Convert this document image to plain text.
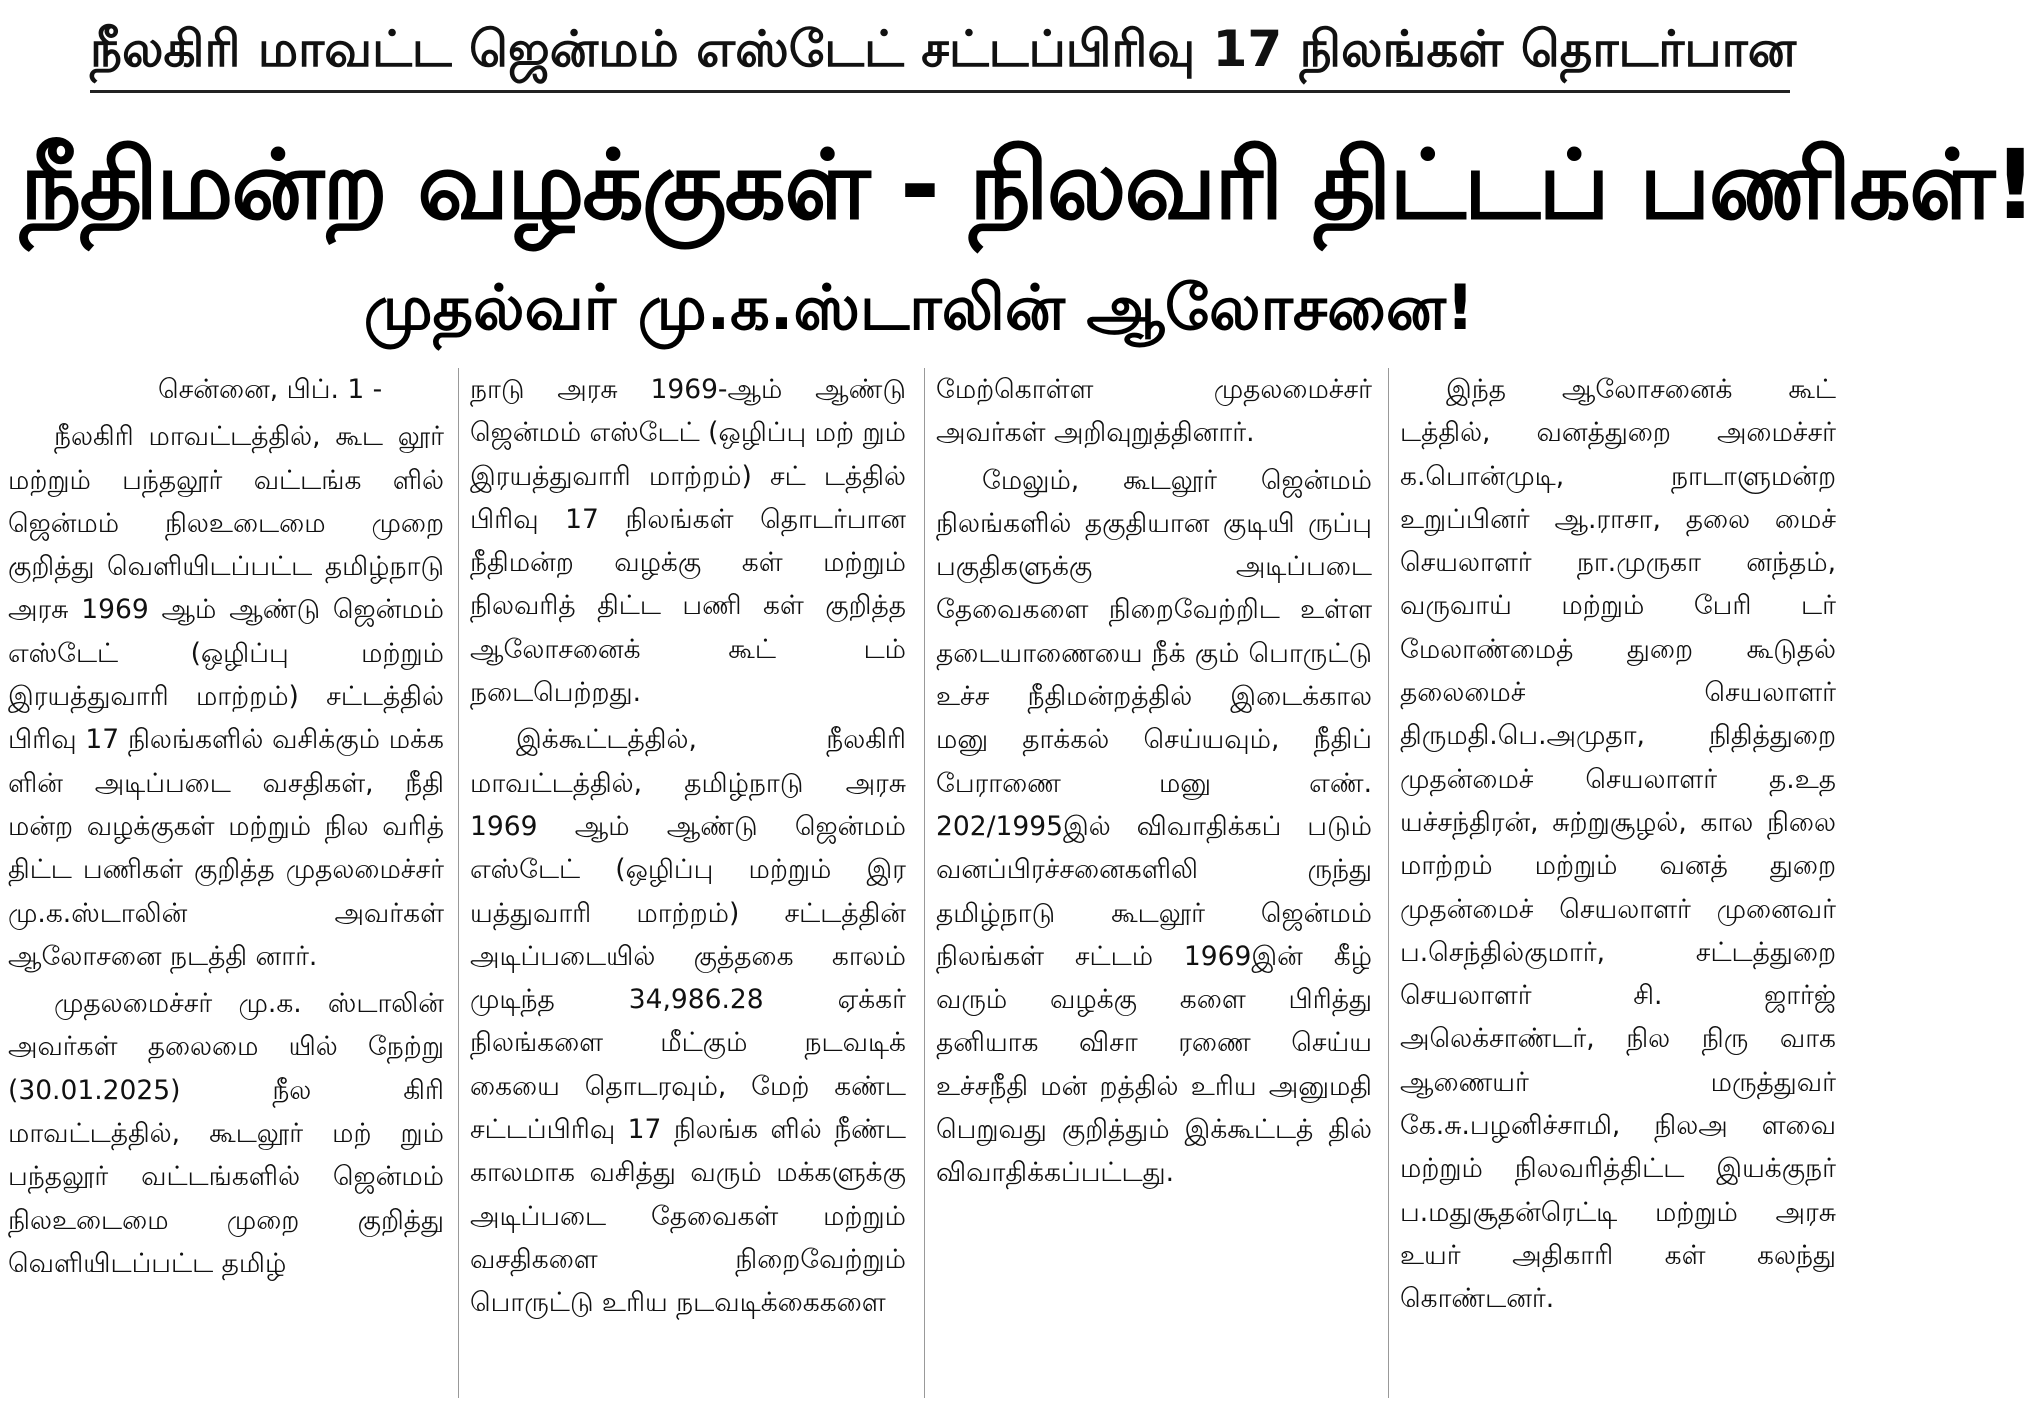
நீலகிரி மாவட்ட ஜென்மம் எஸ்டேட் சட்டப்பிரிவு 17 நிலங்கள் தொடர்பான
நீதிமன்ற வழக்குகள் - நிலவரி திட்டப் பணிகள்!
முதல்வர் மு.க.ஸ்டாலின் ஆலோசனை!

சென்னை, பிப். 1 -

நீலகிரி மாவட்டத்தில், கூட லூர் மற்றும் பந்தலூர் வட்டங்க ளில் ஜென்மம் நிலஉடைமை முறை குறித்து வெளியிடப்பட்ட தமிழ்நாடு அரசு 1969 ஆம் ஆண்டு ஜென்மம் எஸ்டேட் (ஒழிப்பு மற்றும் இரயத்துவாரி மாற்றம்) சட்டத்தில் பிரிவு 17 நிலங்களில் வசிக்கும் மக்க ளின் அடிப்படை வசதிகள், நீதி மன்ற வழக்குகள் மற்றும் நில வரித் திட்ட பணிகள் குறித்த முதலமைச்சர் மு.க.ஸ்டாலின் அவர்கள் ஆலோசனை நடத்தி னார்.

முதலமைச்சர் மு.க. ஸ்டாலின் அவர்கள் தலைமை யில் நேற்று (30.01.2025) நீல கிரி மாவட்டத்தில், கூடலூர் மற் றும் பந்தலூர் வட்டங்களில் ஜென்மம் நிலஉடைமை முறை குறித்து வெளியிடப்பட்ட தமிழ்

நாடு அரசு 1969-ஆம் ஆண்டு ஜென்மம் எஸ்டேட் (ஒழிப்பு மற் றும் இரயத்துவாரி மாற்றம்) சட் டத்தில் பிரிவு 17 நிலங்கள் தொடர்பான நீதிமன்ற வழக்கு கள் மற்றும் நிலவரித் திட்ட பணி கள் குறித்த ஆலோசனைக் கூட் டம் நடைபெற்றது.

இக்கூட்டத்தில், நீலகிரி மாவட்டத்தில், தமிழ்நாடு அரசு 1969 ஆம் ஆண்டு ஜென்மம் எஸ்டேட் (ஒழிப்பு மற்றும் இர யத்துவாரி மாற்றம்) சட்டத்தின் அடிப்படையில் குத்தகை காலம் முடிந்த 34,986.28 ஏக்கர் நிலங்களை மீட்கும் நடவடிக் கையை தொடரவும், மேற் கண்ட சட்டப்பிரிவு 17 நிலங்க ளில் நீண்ட காலமாக வசித்து வரும் மக்களுக்கு அடிப்படை தேவைகள் மற்றும் வசதிகளை நிறைவேற்றும் பொருட்டு உரிய நடவடிக்கைகளை

மேற்கொள்ள முதலமைச்சர் அவர்கள் அறிவுறுத்தினார்.

மேலும், கூடலூர் ஜென்மம் நிலங்களில் தகுதியான குடியி ருப்பு பகுதிகளுக்கு அடிப்படை தேவைகளை நிறைவேற்றிட உள்ள தடையாணையை நீக் கும் பொருட்டு உச்ச நீதிமன்றத்தில் இடைக்கால மனு தாக்கல் செய்யவும், நீதிப் பேராணை மனு எண். 202/1995இல் விவாதிக்கப் படும் வனப்பிரச்சனைகளிலி ருந்து தமிழ்நாடு கூடலூர் ஜென்மம் நிலங்கள் சட்டம் 1969இன் கீழ் வரும் வழக்கு களை பிரித்து தனியாக விசா ரணை செய்ய உச்சநீதி மன் றத்தில் உரிய அனுமதி பெறுவது குறித்தும் இக்கூட்டத் தில் விவாதிக்கப்பட்டது.

இந்த ஆலோசனைக் கூட் டத்தில், வனத்துறை அமைச்சர் க.பொன்முடி, நாடாளுமன்ற உறுப்பினர் ஆ.ராசா, தலை மைச் செயலாளர் நா.முருகா னந்தம், வருவாய் மற்றும் பேரி டர் மேலாண்மைத் துறை கூடுதல் தலைமைச் செயலாளர் திருமதி.பெ.அமுதா, நிதித்துறை முதன்மைச் செயலாளர் த.உத யச்சந்திரன், சுற்றுசூழல், கால நிலை மாற்றம் மற்றும் வனத் துறை முதன்மைச் செயலாளர் முனைவர் ப.செந்தில்குமார், சட்டத்துறை செயலாளர் சி. ஜார்ஜ் அலெக்சாண்டர், நில நிரு வாக ஆணையர் மருத்துவர் கே.சு.பழனிச்சாமி, நிலஅ ளவை மற்றும் நிலவரித்திட்ட இயக்குநர் ப.மதுசூதன்ரெட்டி மற்றும் அரசு உயர் அதிகாரி கள் கலந்து கொண்டனர்.
